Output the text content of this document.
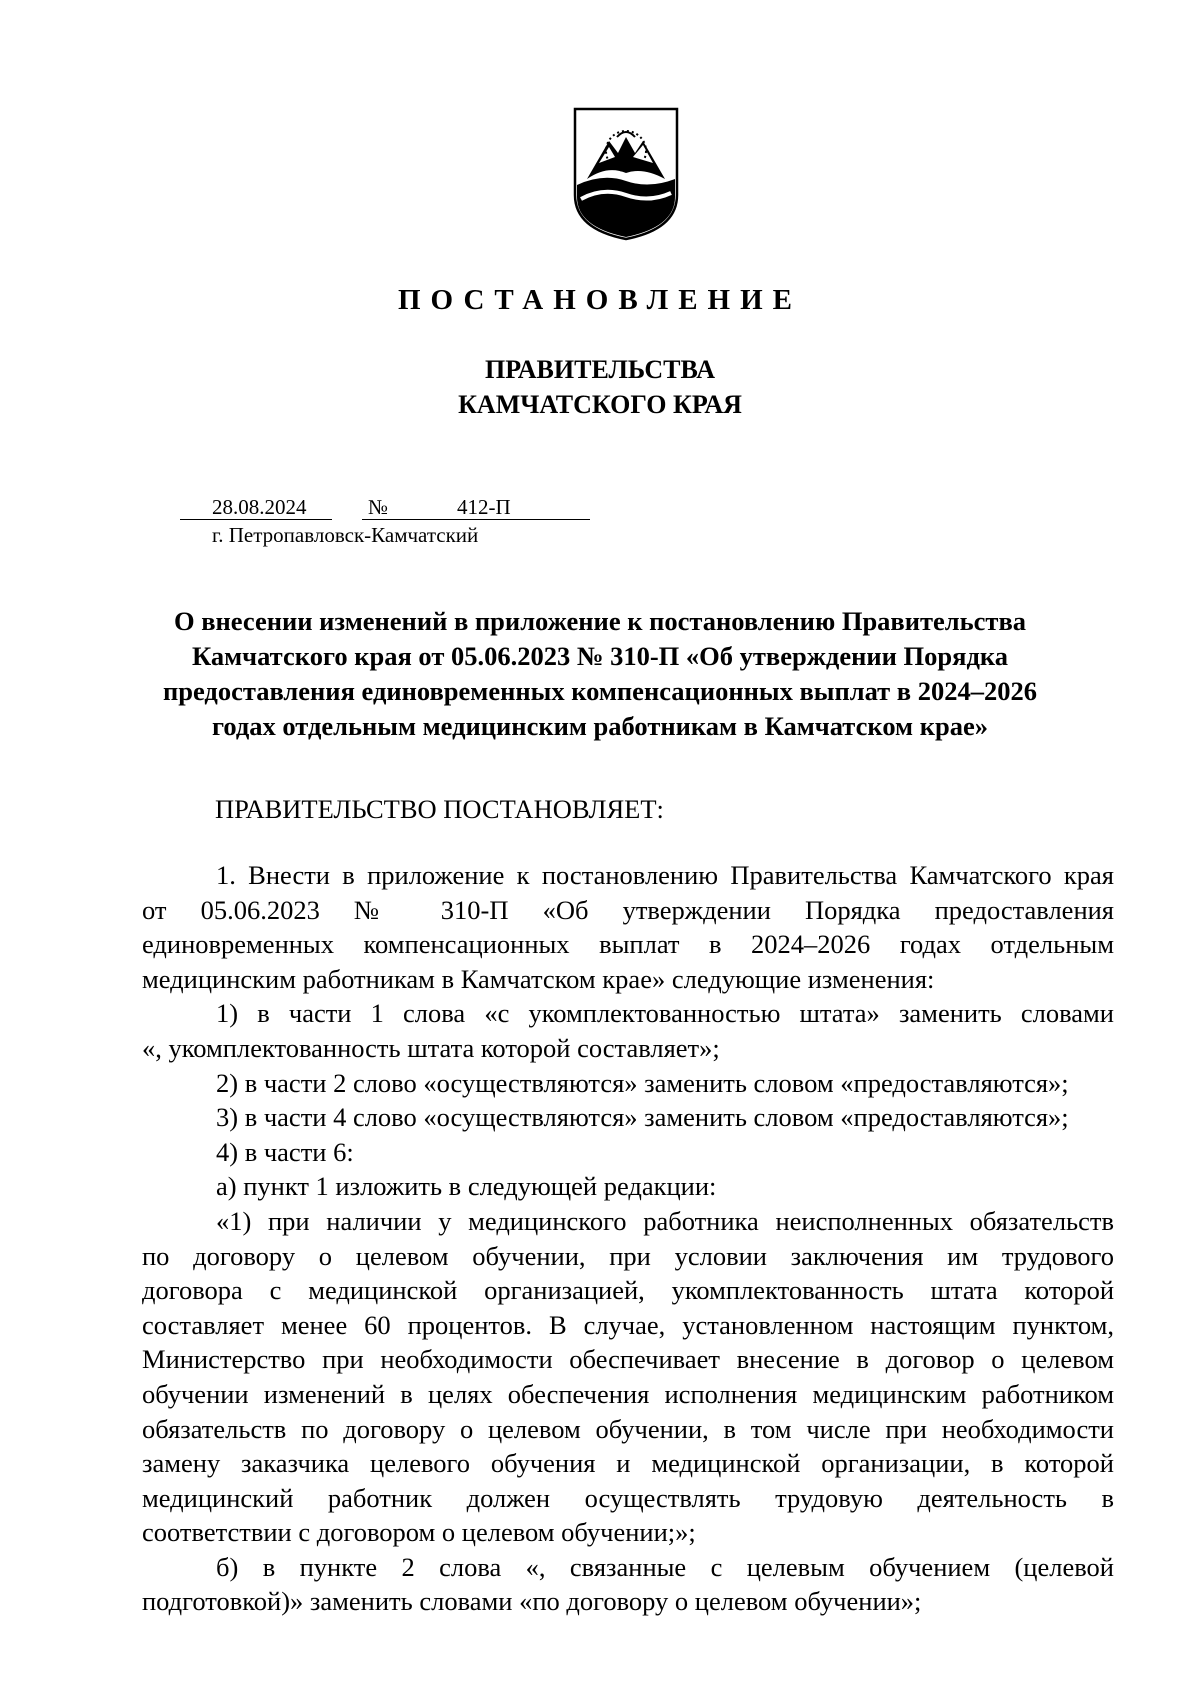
ПОСТАНОВЛЕНИЕ
ПРАВИТЕЛЬСТВА
КАМЧАТСКОГО КРАЯ
28.08.2024	№	412-П
г. Петропавловск-Камчатский
О внесении изменений в приложение к постановлению Правительства
Камчатского края от 05.06.2023 № 310-П «Об утверждении Порядка
предоставления единовременных компенсационных выплат в 2024–2026
годах отдельным медицинским работникам в Камчатском крае»
ПРАВИТЕЛЬСТВО ПОСТАНОВЛЯЕТ:
1. Внести в приложение к постановлению Правительства Камчатского края
от 05.06.2023 № 310-П «Об утверждении Порядка предоставления
единовременных компенсационных выплат в 2024–2026 годах отдельным
медицинским работникам в Камчатском крае» следующие изменения:
1) в части 1 слова «с укомплектованностью штата» заменить словами
«, укомплектованность штата которой составляет»;
2) в части 2 слово «осуществляются» заменить словом «предоставляются»;
3) в части 4 слово «осуществляются» заменить словом «предоставляются»;
4) в части 6:
а) пункт 1 изложить в следующей редакции:
«1) при наличии у медицинского работника неисполненных обязательств
по договору о целевом обучении, при условии заключения им трудового
договора с медицинской организацией, укомплектованность штата которой
составляет менее 60 процентов. В случае, установленном настоящим пунктом,
Министерство при необходимости обеспечивает внесение в договор о целевом
обучении изменений в целях обеспечения исполнения медицинским работником
обязательств по договору о целевом обучении, в том числе при необходимости
замену заказчика целевого обучения и медицинской организации, в которой
медицинский работник должен осуществлять трудовую деятельность в
соответствии с договором о целевом обучении;»;
б) в пункте 2 слова «, связанные с целевым обучением (целевой
подготовкой)» заменить словами «по договору о целевом обучении»;
